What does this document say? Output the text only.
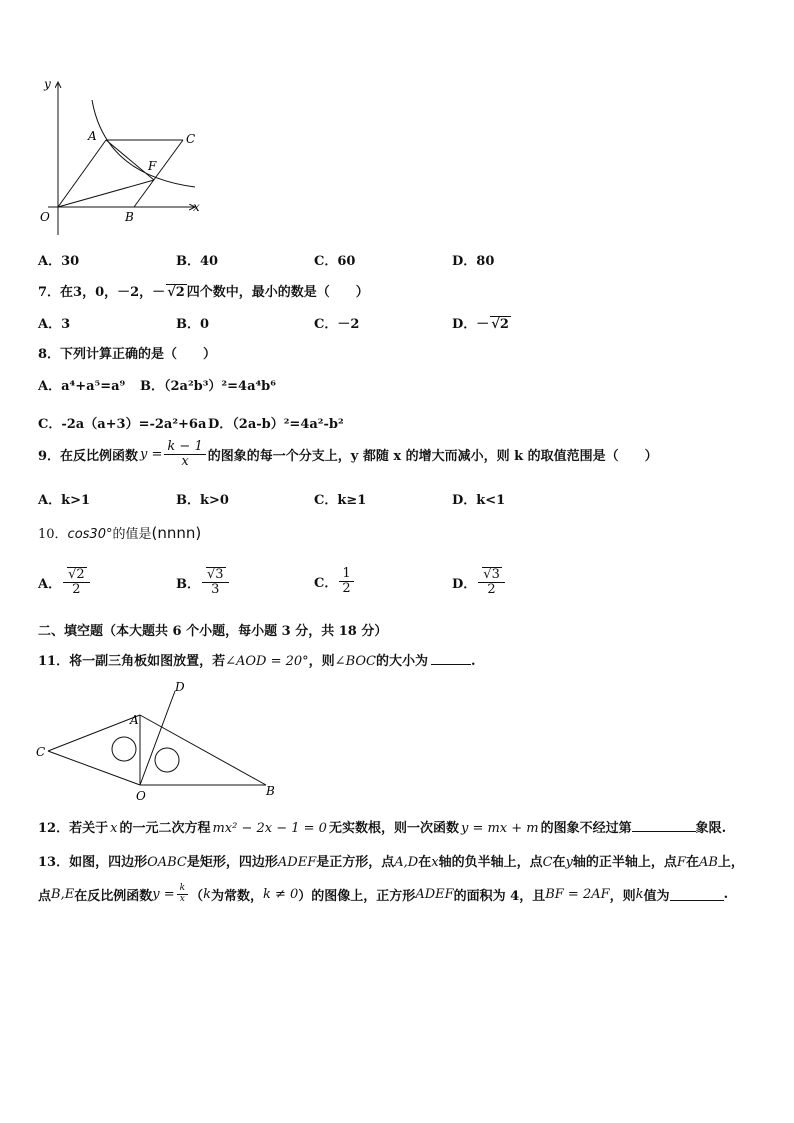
y
x
O
A	C
F
B
A．30	B．40	C．60	D．80
7．在3，0，－2，－ √2 四个数中，最小的数是（　　）
A．3	B．0	C．－2	D．－ √2
8．下列计算正确的是（　　）
A．a⁴+a⁵=a⁹ B．（2a²b³）²=4a⁴b⁶
C．-2a（a+3）=-2a²+6a D．（2a-b）²=4a²-b²
9．在反比例函数 $y = \frac{k - 1}{x}$ 的图象的每一个分支上，y 都随 x 的增大而减小，则 k 的取值范围是（　　）
A．k>1	B．k>0	C．k≥1	D．k<1
10．cos30°的值是(nnnn)
A． $\frac{√2}{2}$	B． $\frac{√3}{3}$	C． $\frac{1}{2}$	D． $\frac{√3}{2}$
二、填空题（本大题共 6 个小题，每小题 3 分，共 18 分）
11．将一副三角板如图放置，若∠AOD = 20°，则∠BOC的大小为	.
D
A
C
O	B
12．若关于 x 的一元二次方程 mx² − 2x − 1 = 0 无实数根，则一次函数 y = mx + m 的图象不经过第	象限.
13．如图，四边形OABC是矩形，四边形ADEF是正方形，点A,D在x轴的负半轴上，点C在y轴的正半轴上，点F在AB上，
点 B,E 在反比例函数 $y = \frac{k}{x}$ （ k 为常数， k ≠ 0 ）的图像上，正方形 ADEF 的面积为 4，且 BF = 2AF ，则 k 值为	.
